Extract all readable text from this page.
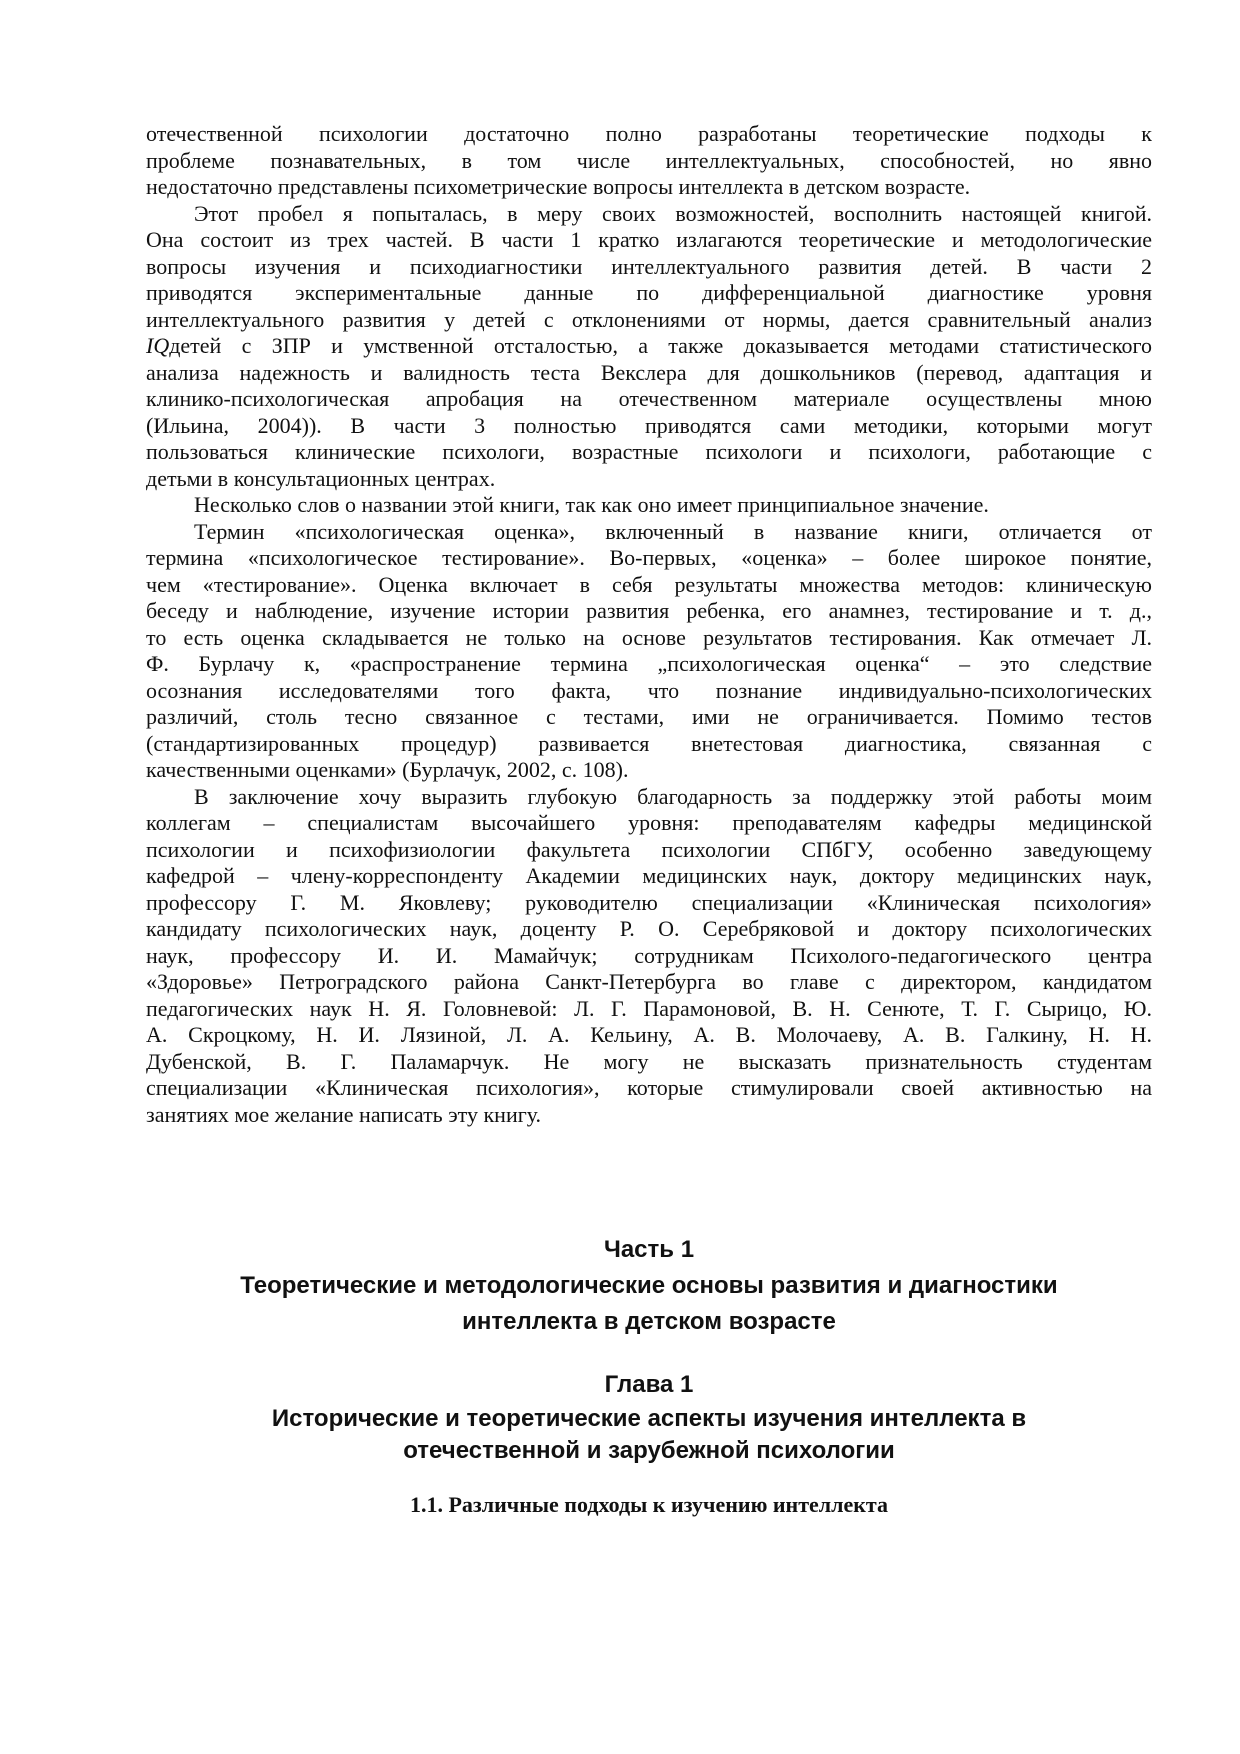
отечественной психологии достаточно полно разработаны теоретические подходы к
проблеме познавательных, в том числе интеллектуальных, способностей, но явно
недостаточно представлены психометрические вопросы интеллекта в детском возрасте.
Этот пробел я попыталась, в меру своих возможностей, восполнить настоящей книгой.
Она состоит из трех частей. В части 1 кратко излагаются теоретические и методологические
вопросы изучения и психодиагностики интеллектуального развития детей. В части 2
приводятся экспериментальные данные по дифференциальной диагностике уровня
интеллектуального развития у детей с отклонениями от нормы, дается сравнительный анализ
IQдетей с ЗПР и умственной отсталостью, а также доказывается методами статистического
анализа надежность и валидность теста Векслера для дошкольников (перевод, адаптация и
клинико-психологическая апробация на отечественном материале осуществлены мною
(Ильина, 2004)). В части 3 полностью приводятся сами методики, которыми могут
пользоваться клинические психологи, возрастные психологи и психологи, работающие с
детьми в консультационных центрах.
Несколько слов о названии этой книги, так как оно имеет принципиальное значение.
Термин «психологическая оценка», включенный в название книги, отличается от
термина «психологическое тестирование». Во-первых, «оценка» – более широкое понятие,
чем «тестирование». Оценка включает в себя результаты множества методов: клиническую
беседу и наблюдение, изучение истории развития ребенка, его анамнез, тестирование и т. д.,
то есть оценка складывается не только на основе результатов тестирования. Как отмечает Л.
Ф. Бурлачу к, «распространение термина „психологическая оценка“ – это следствие
осознания исследователями того факта, что познание индивидуально-психологических
различий, столь тесно связанное с тестами, ими не ограничивается. Помимо тестов
(стандартизированных процедур) развивается внетестовая диагностика, связанная с
качественными оценками» (Бурлачук, 2002, с. 108).
В заключение хочу выразить глубокую благодарность за поддержку этой работы моим
коллегам – специалистам высочайшего уровня: преподавателям кафедры медицинской
психологии и психофизиологии факультета психологии СПбГУ, особенно заведующему
кафедрой – члену-корреспонденту Академии медицинских наук, доктору медицинских наук,
профессору Г. М. Яковлеву; руководителю специализации «Клиническая психология»
кандидату психологических наук, доценту Р. О. Серебряковой и доктору психологических
наук, профессору И. И. Мамайчук; сотрудникам Психолого-педагогического центра
«Здоровье» Петроградского района Санкт-Петербурга во главе с директором, кандидатом
педагогических наук Н. Я. Головневой: Л. Г. Парамоновой, В. Н. Сенюте, Т. Г. Сырицо, Ю.
А. Скроцкому, Н. И. Лязиной, Л. А. Кельину, А. В. Молочаеву, А. В. Галкину, Н. Н.
Дубенской, В. Г. Паламарчук. Не могу не высказать признательность студентам
специализации «Клиническая психология», которые стимулировали своей активностью на
занятиях мое желание написать эту книгу.
Часть 1
Теоретические и методологические основы развития и диагностики
интеллекта в детском возрасте
Глава 1
Исторические и теоретические аспекты изучения интеллекта в
отечественной и зарубежной психологии
1.1. Различные подходы к изучению интеллекта
